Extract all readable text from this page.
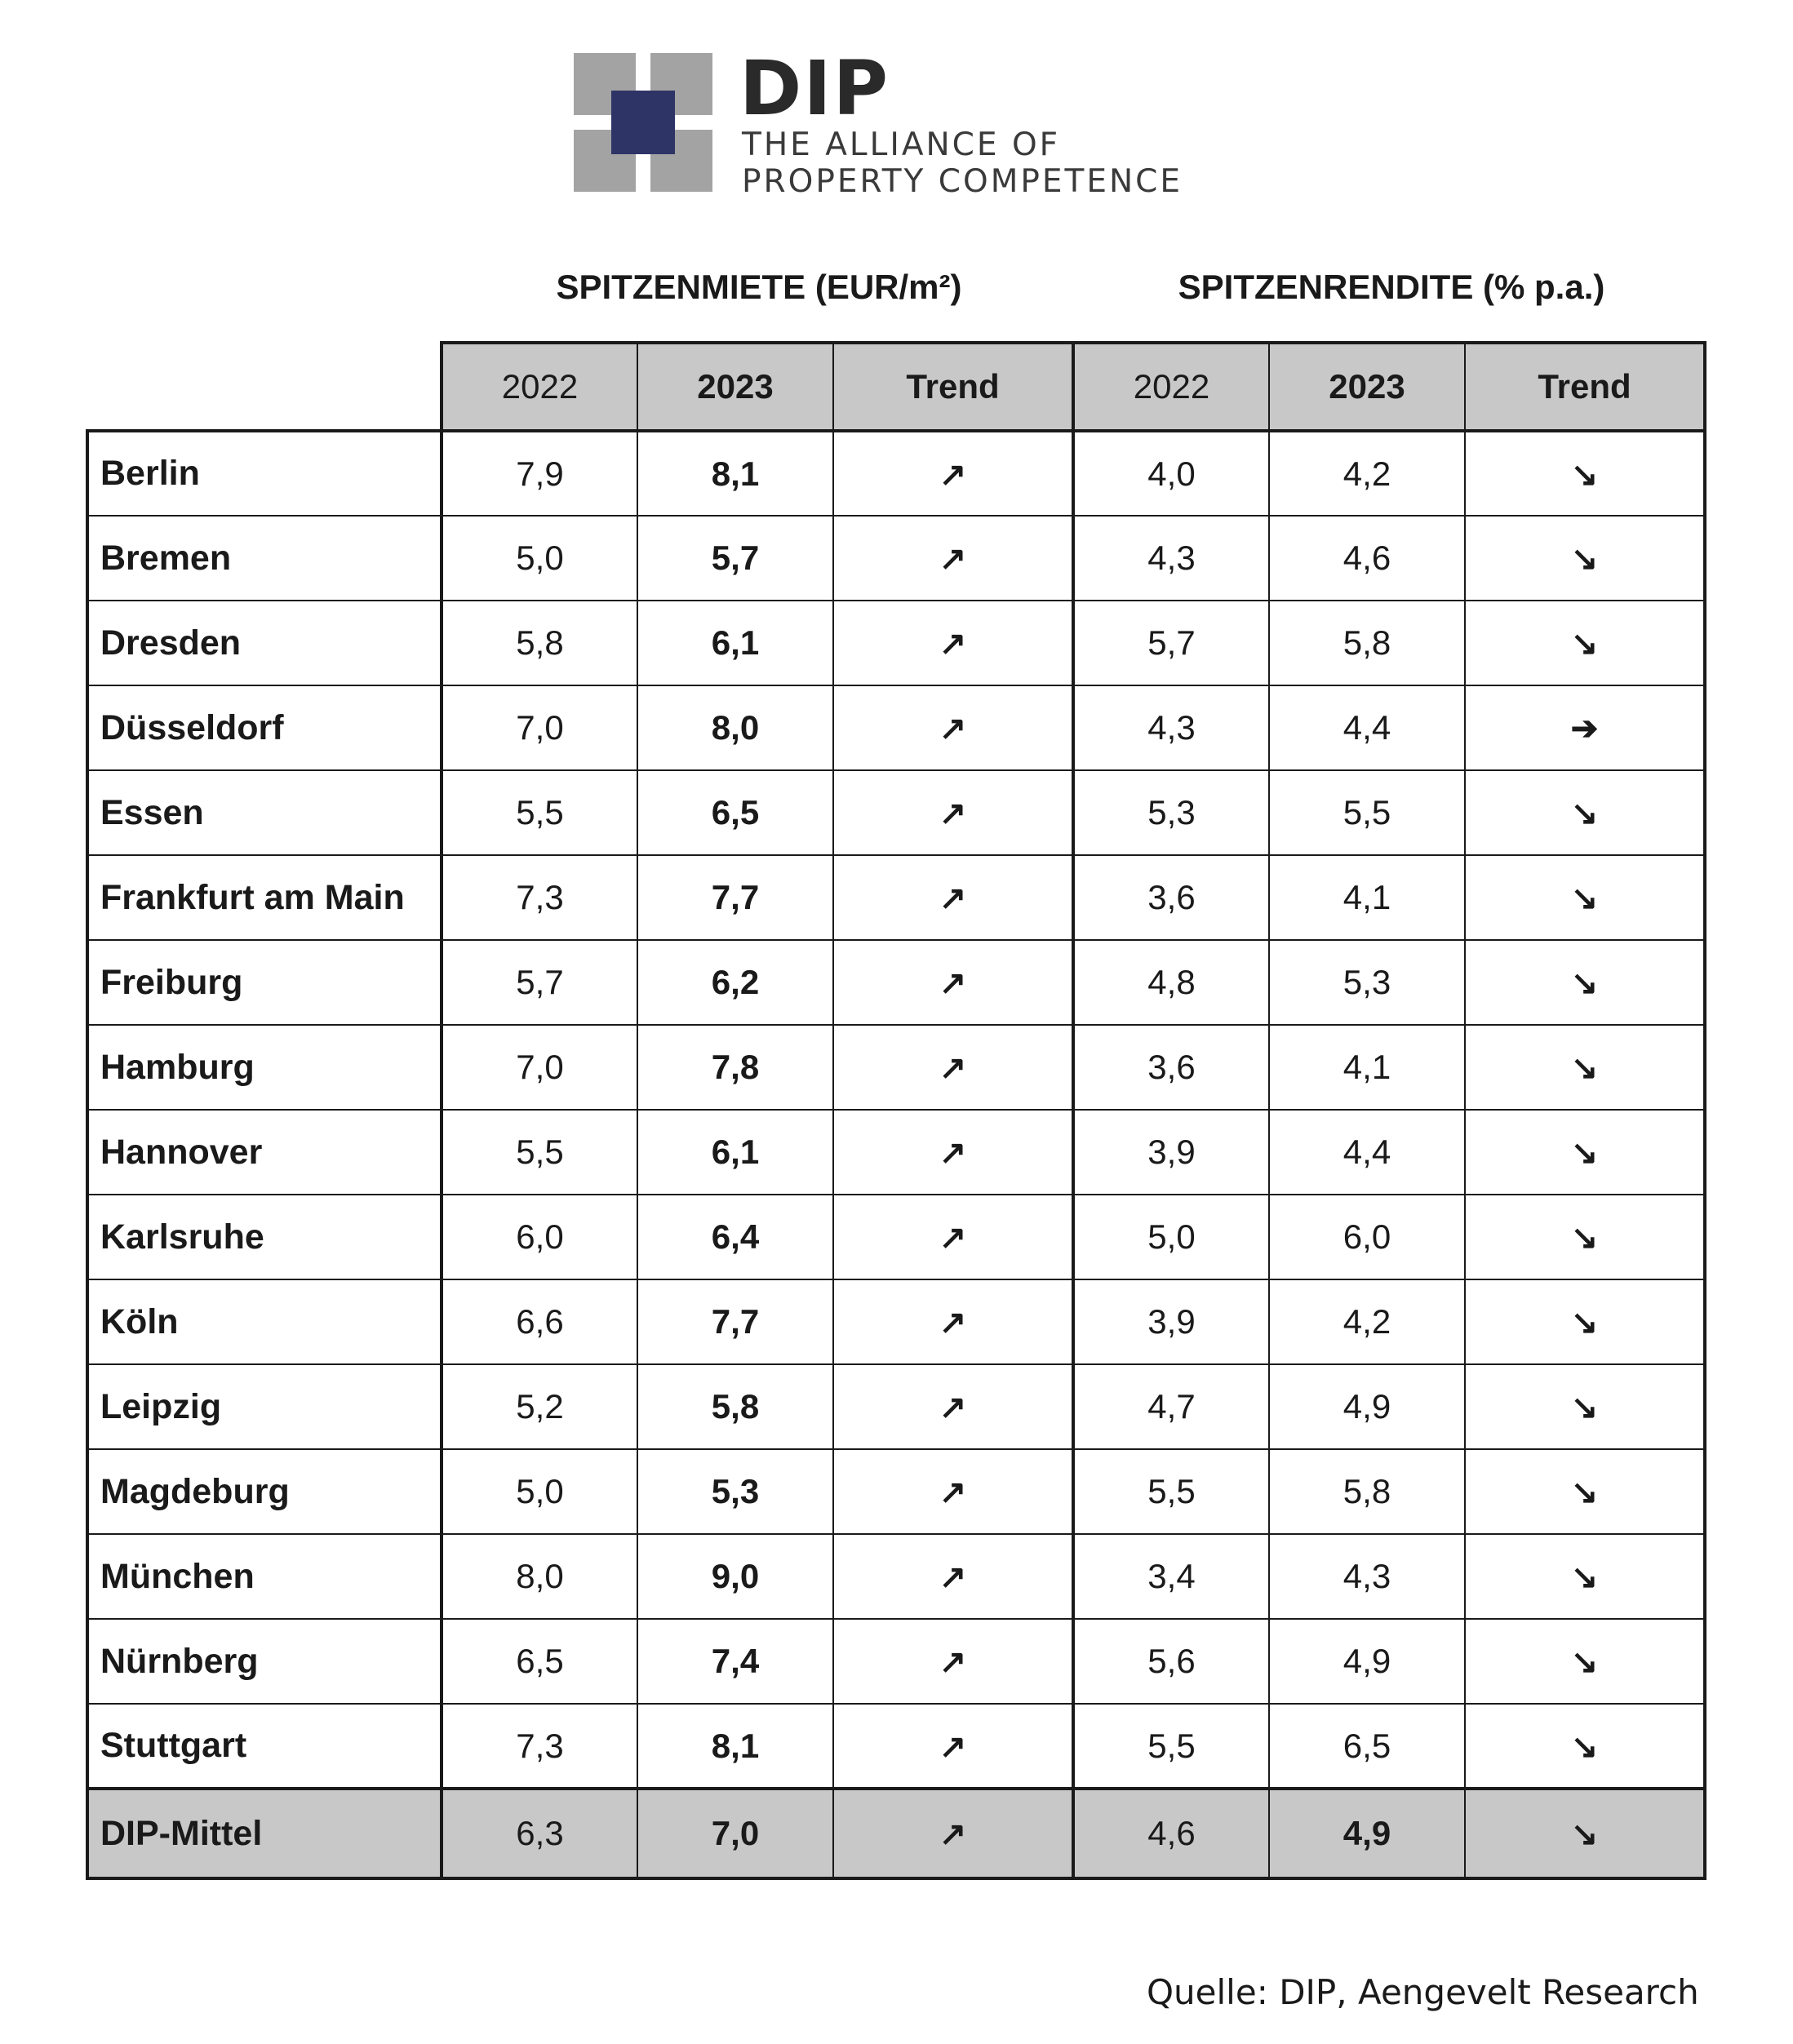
DIP
THE ALLIANCE OF
PROPERTY COMPETENCE
SPITZENMIETE (EUR/m²)	SPITZENRENDITE (% p.a.)
	2022	2023	Trend	2022	2023	Trend
Berlin	7,9	8,1	↗	4,0	4,2	↘
Bremen	5,0	5,7	↗	4,3	4,6	↘
Dresden	5,8	6,1	↗	5,7	5,8	↘
Düsseldorf	7,0	8,0	↗	4,3	4,4	➔
Essen	5,5	6,5	↗	5,3	5,5	↘
Frankfurt am Main	7,3	7,7	↗	3,6	4,1	↘
Freiburg	5,7	6,2	↗	4,8	5,3	↘
Hamburg	7,0	7,8	↗	3,6	4,1	↘
Hannover	5,5	6,1	↗	3,9	4,4	↘
Karlsruhe	6,0	6,4	↗	5,0	6,0	↘
Köln	6,6	7,7	↗	3,9	4,2	↘
Leipzig	5,2	5,8	↗	4,7	4,9	↘
Magdeburg	5,0	5,3	↗	5,5	5,8	↘
München	8,0	9,0	↗	3,4	4,3	↘
Nürnberg	6,5	7,4	↗	5,6	4,9	↘
Stuttgart	7,3	8,1	↗	5,5	6,5	↘
DIP-Mittel	6,3	7,0	↗	4,6	4,9	↘
Quelle: DIP, Aengevelt Research
